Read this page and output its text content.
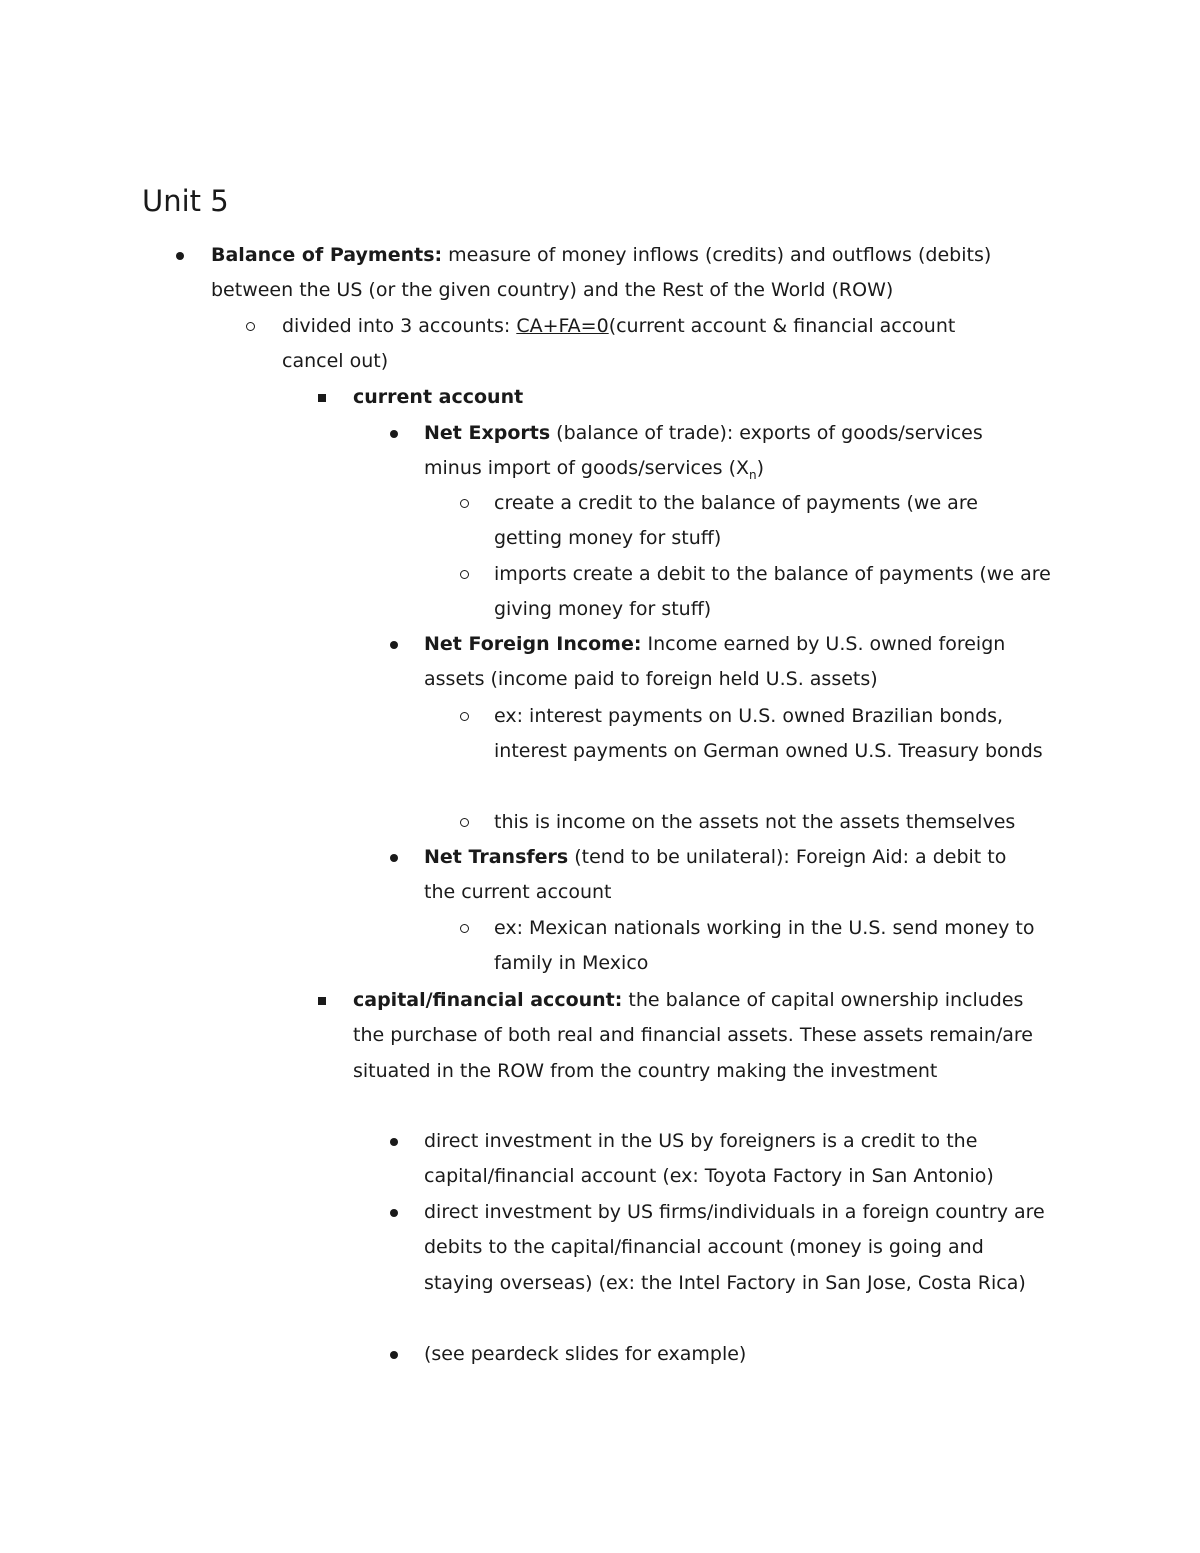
Unit 5
Balance of Payments: measure of money inflows (credits) and outflows (debits) between the US (or the given country) and the Rest of the World (ROW)
divided into 3 accounts: CA+FA=0(current account & financial account cancel out)
current account
Net Exports (balance of trade): exports of goods/services minus import of goods/services $(X_n)$
create a credit to the balance of payments (we are getting money for stuff)
imports create a debit to the balance of payments (we are giving money for stuff)
Net Foreign Income: Income earned by U.S. owned foreign assets (income paid to foreign held U.S. assets)
ex: interest payments on U.S. owned Brazilian bonds, interest payments on German owned U.S. Treasury bonds
this is income on the assets not the assets themselves
Net Transfers (tend to be unilateral): Foreign Aid: a debit to the current account
ex: Mexican nationals working in the U.S. send money to family in Mexico
capital/financial account: the balance of capital ownership includes the purchase of both real and financial assets. These assets remain/are situated in the ROW from the country making the investment
direct investment in the US by foreigners is a credit to the capital/financial account (ex: Toyota Factory in San Antonio)
direct investment by US firms/individuals in a foreign country are debits to the capital/financial account (money is going and staying overseas) (ex: the Intel Factory in San Jose, Costa Rica)
(see peardeck slides for example)
